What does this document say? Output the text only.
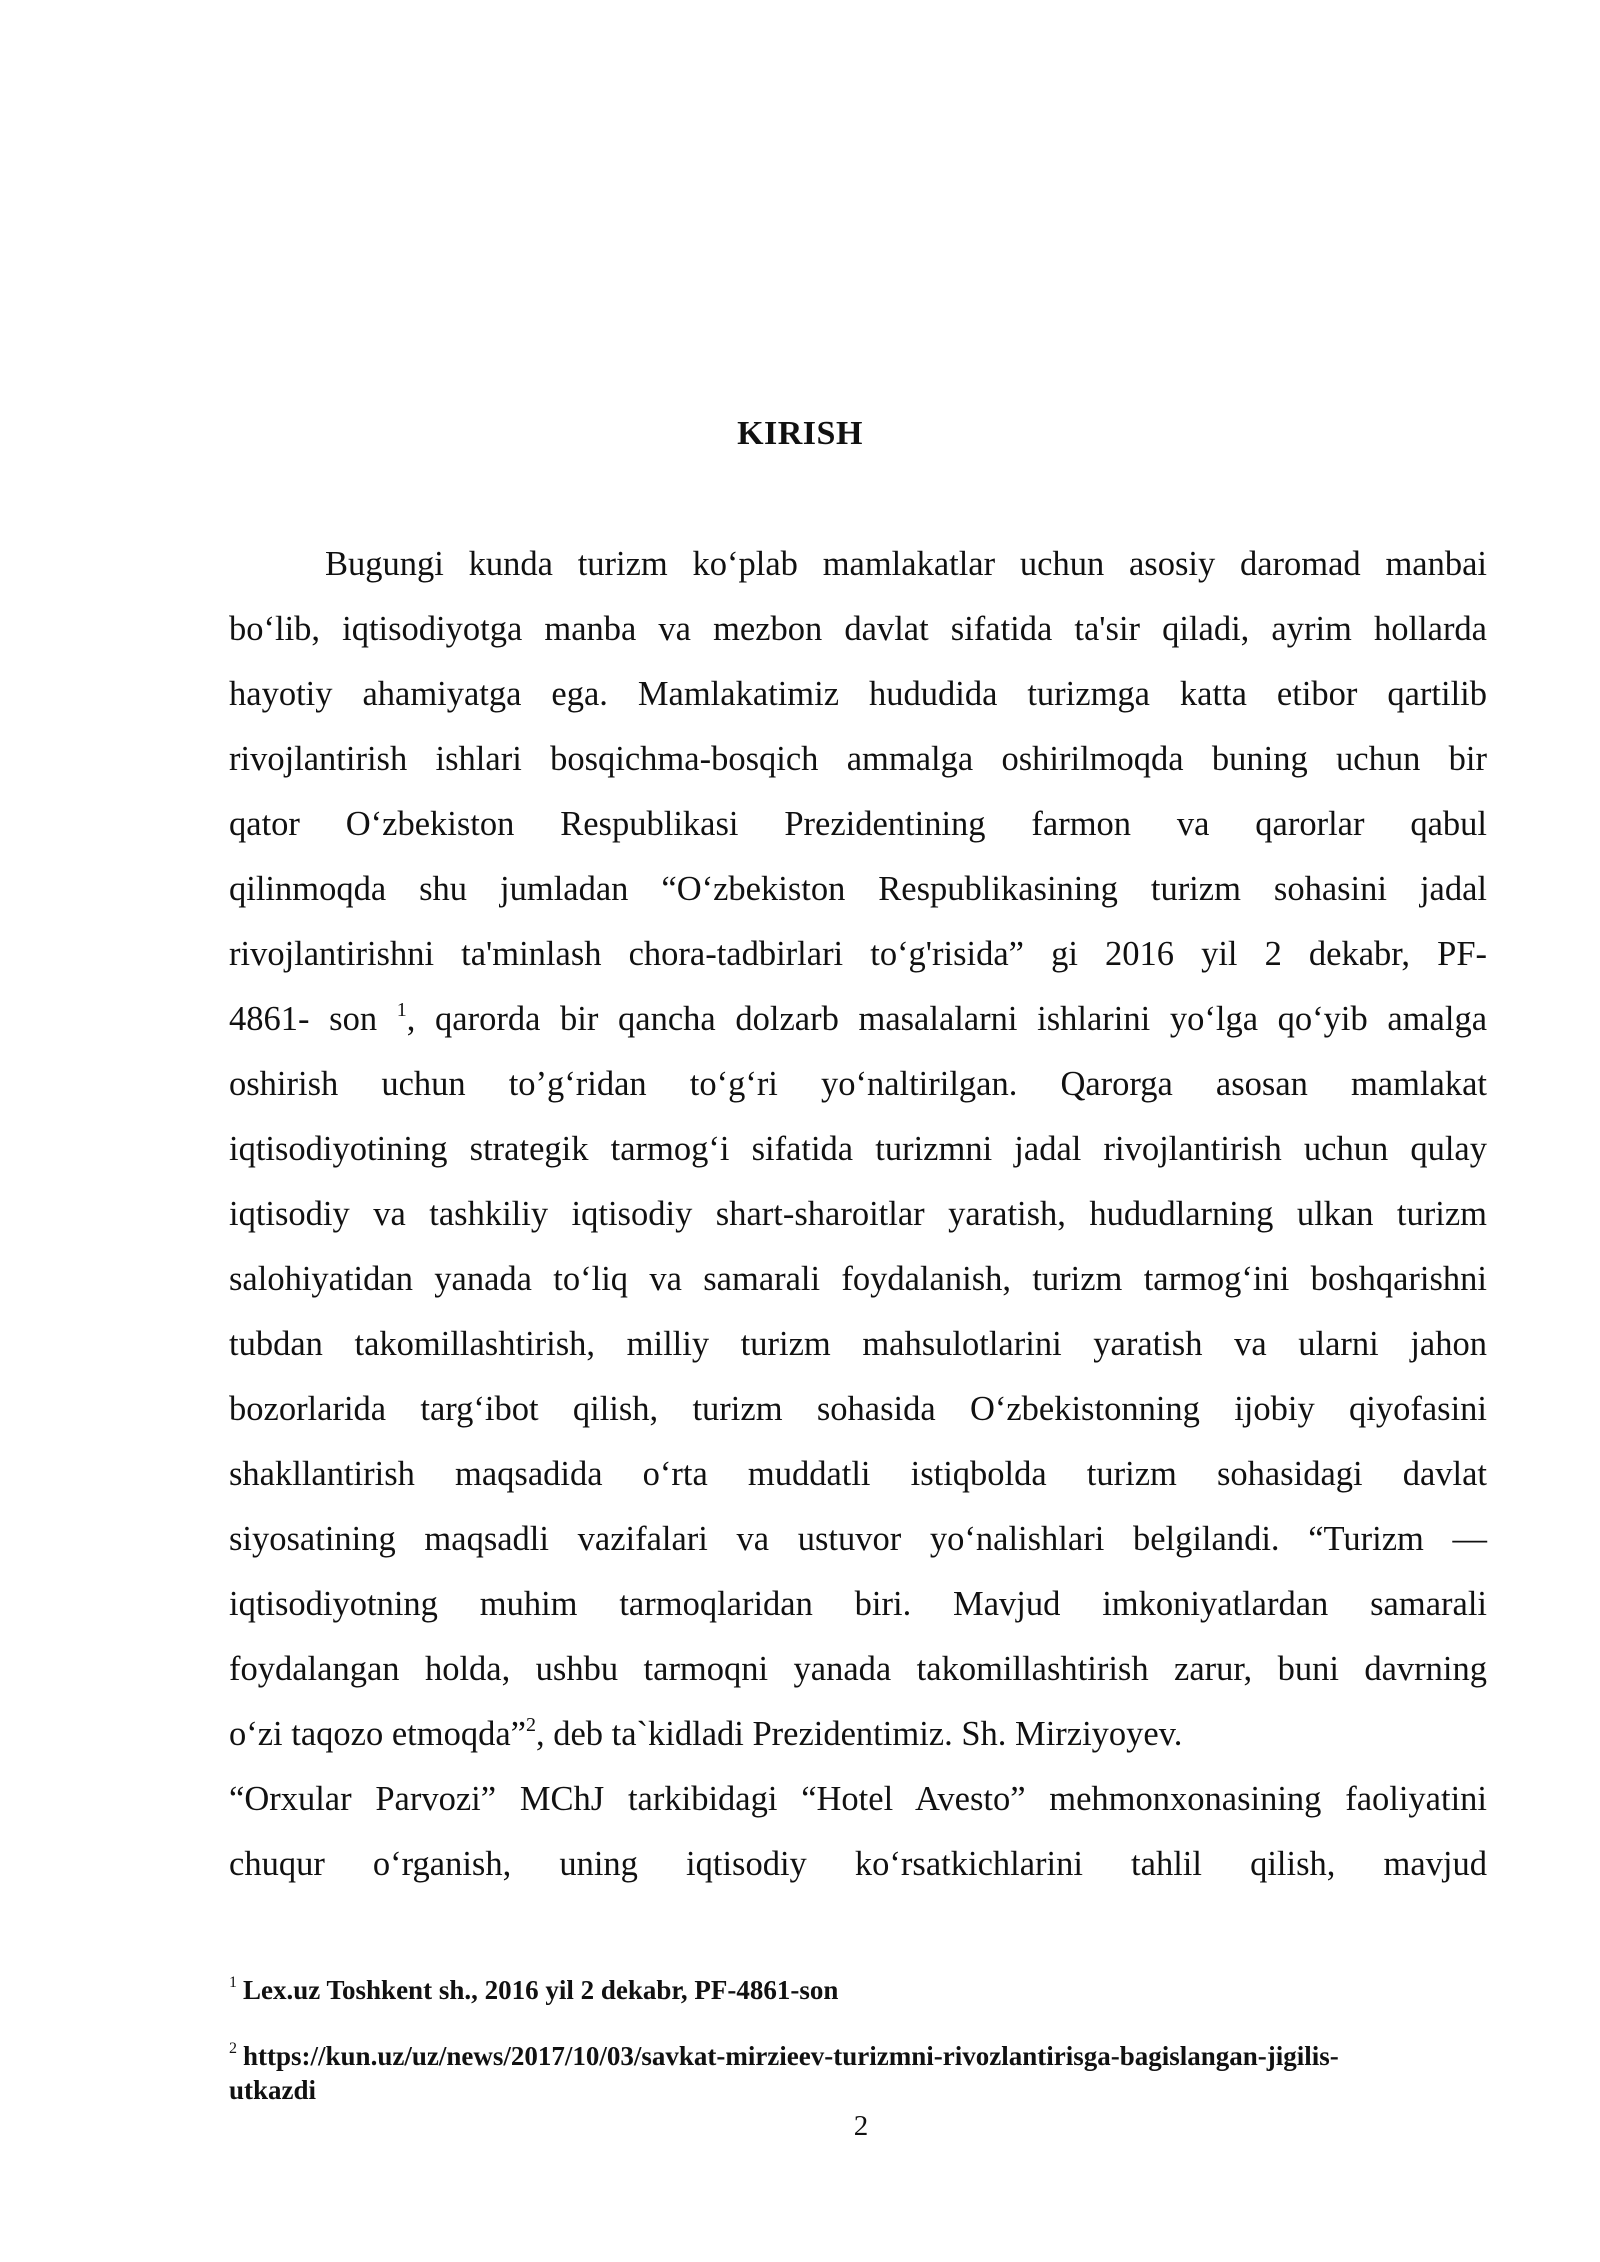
KIRISH
Bugungi kunda turizm ko‘plab mamlakatlar uchun asosiy daromad manbai
bo‘lib, iqtisodiyotga manba va mezbon davlat sifatida ta'sir qiladi, ayrim hollarda
hayotiy ahamiyatga ega. Mamlakatimiz hududida turizmga katta etibor qartilib
rivojlantirish ishlari bosqichma-bosqich ammalga oshirilmoqda buning uchun bir
qator O‘zbekiston Respublikasi Prezidentining farmon va qarorlar qabul
qilinmoqda shu jumladan “O‘zbekiston Respublikasining turizm sohasini jadal
rivojlantirishni ta'minlash chora-tadbirlari to‘g'risida” gi 2016 yil 2 dekabr, PF-
4861- son $^1$, qarorda bir qancha dolzarb masalalarni ishlarini yo‘lga qo‘yib amalga
oshirish uchun to’g‘ridan to‘g‘ri yo‘naltirilgan. Qarorga asosan mamlakat
iqtisodiyotining strategik tarmog‘i sifatida turizmni jadal rivojlantirish uchun qulay
iqtisodiy va tashkiliy iqtisodiy shart-sharoitlar yaratish, hududlarning ulkan turizm
salohiyatidan yanada to‘liq va samarali foydalanish, turizm tarmog‘ini boshqarishni
tubdan takomillashtirish, milliy turizm mahsulotlarini yaratish va ularni jahon
bozorlarida targ‘ibot qilish, turizm sohasida O‘zbekistonning ijobiy qiyofasini
shakllantirish maqsadida o‘rta muddatli istiqbolda turizm sohasidagi davlat
siyosatining maqsadli vazifalari va ustuvor yo‘nalishlari belgilandi. “Turizm —
iqtisodiyotning muhim tarmoqlaridan biri. Mavjud imkoniyatlardan samarali
foydalangan holda, ushbu tarmoqni yanada takomillashtirish zarur, buni davrning
o‘zi taqozo etmoqda”$^2$, deb ta`kidladi Prezidentimiz. Sh. Mirziyoyev.
“Orxular Parvozi” MChJ tarkibidagi “Hotel Avesto” mehmonxonasining faoliyatini
chuqur o‘rganish, uning iqtisodiy ko‘rsatkichlarini tahlil qilish, mavjud
$^1$ Lex.uz Toshkent sh., 2016 yil 2 dekabr, PF-4861-son
$^2$ https://kun.uz/uz/news/2017/10/03/savkat-mirzieev-turizmni-rivozlantirisga-bagislangan-jigilis-
utkazdi
2
